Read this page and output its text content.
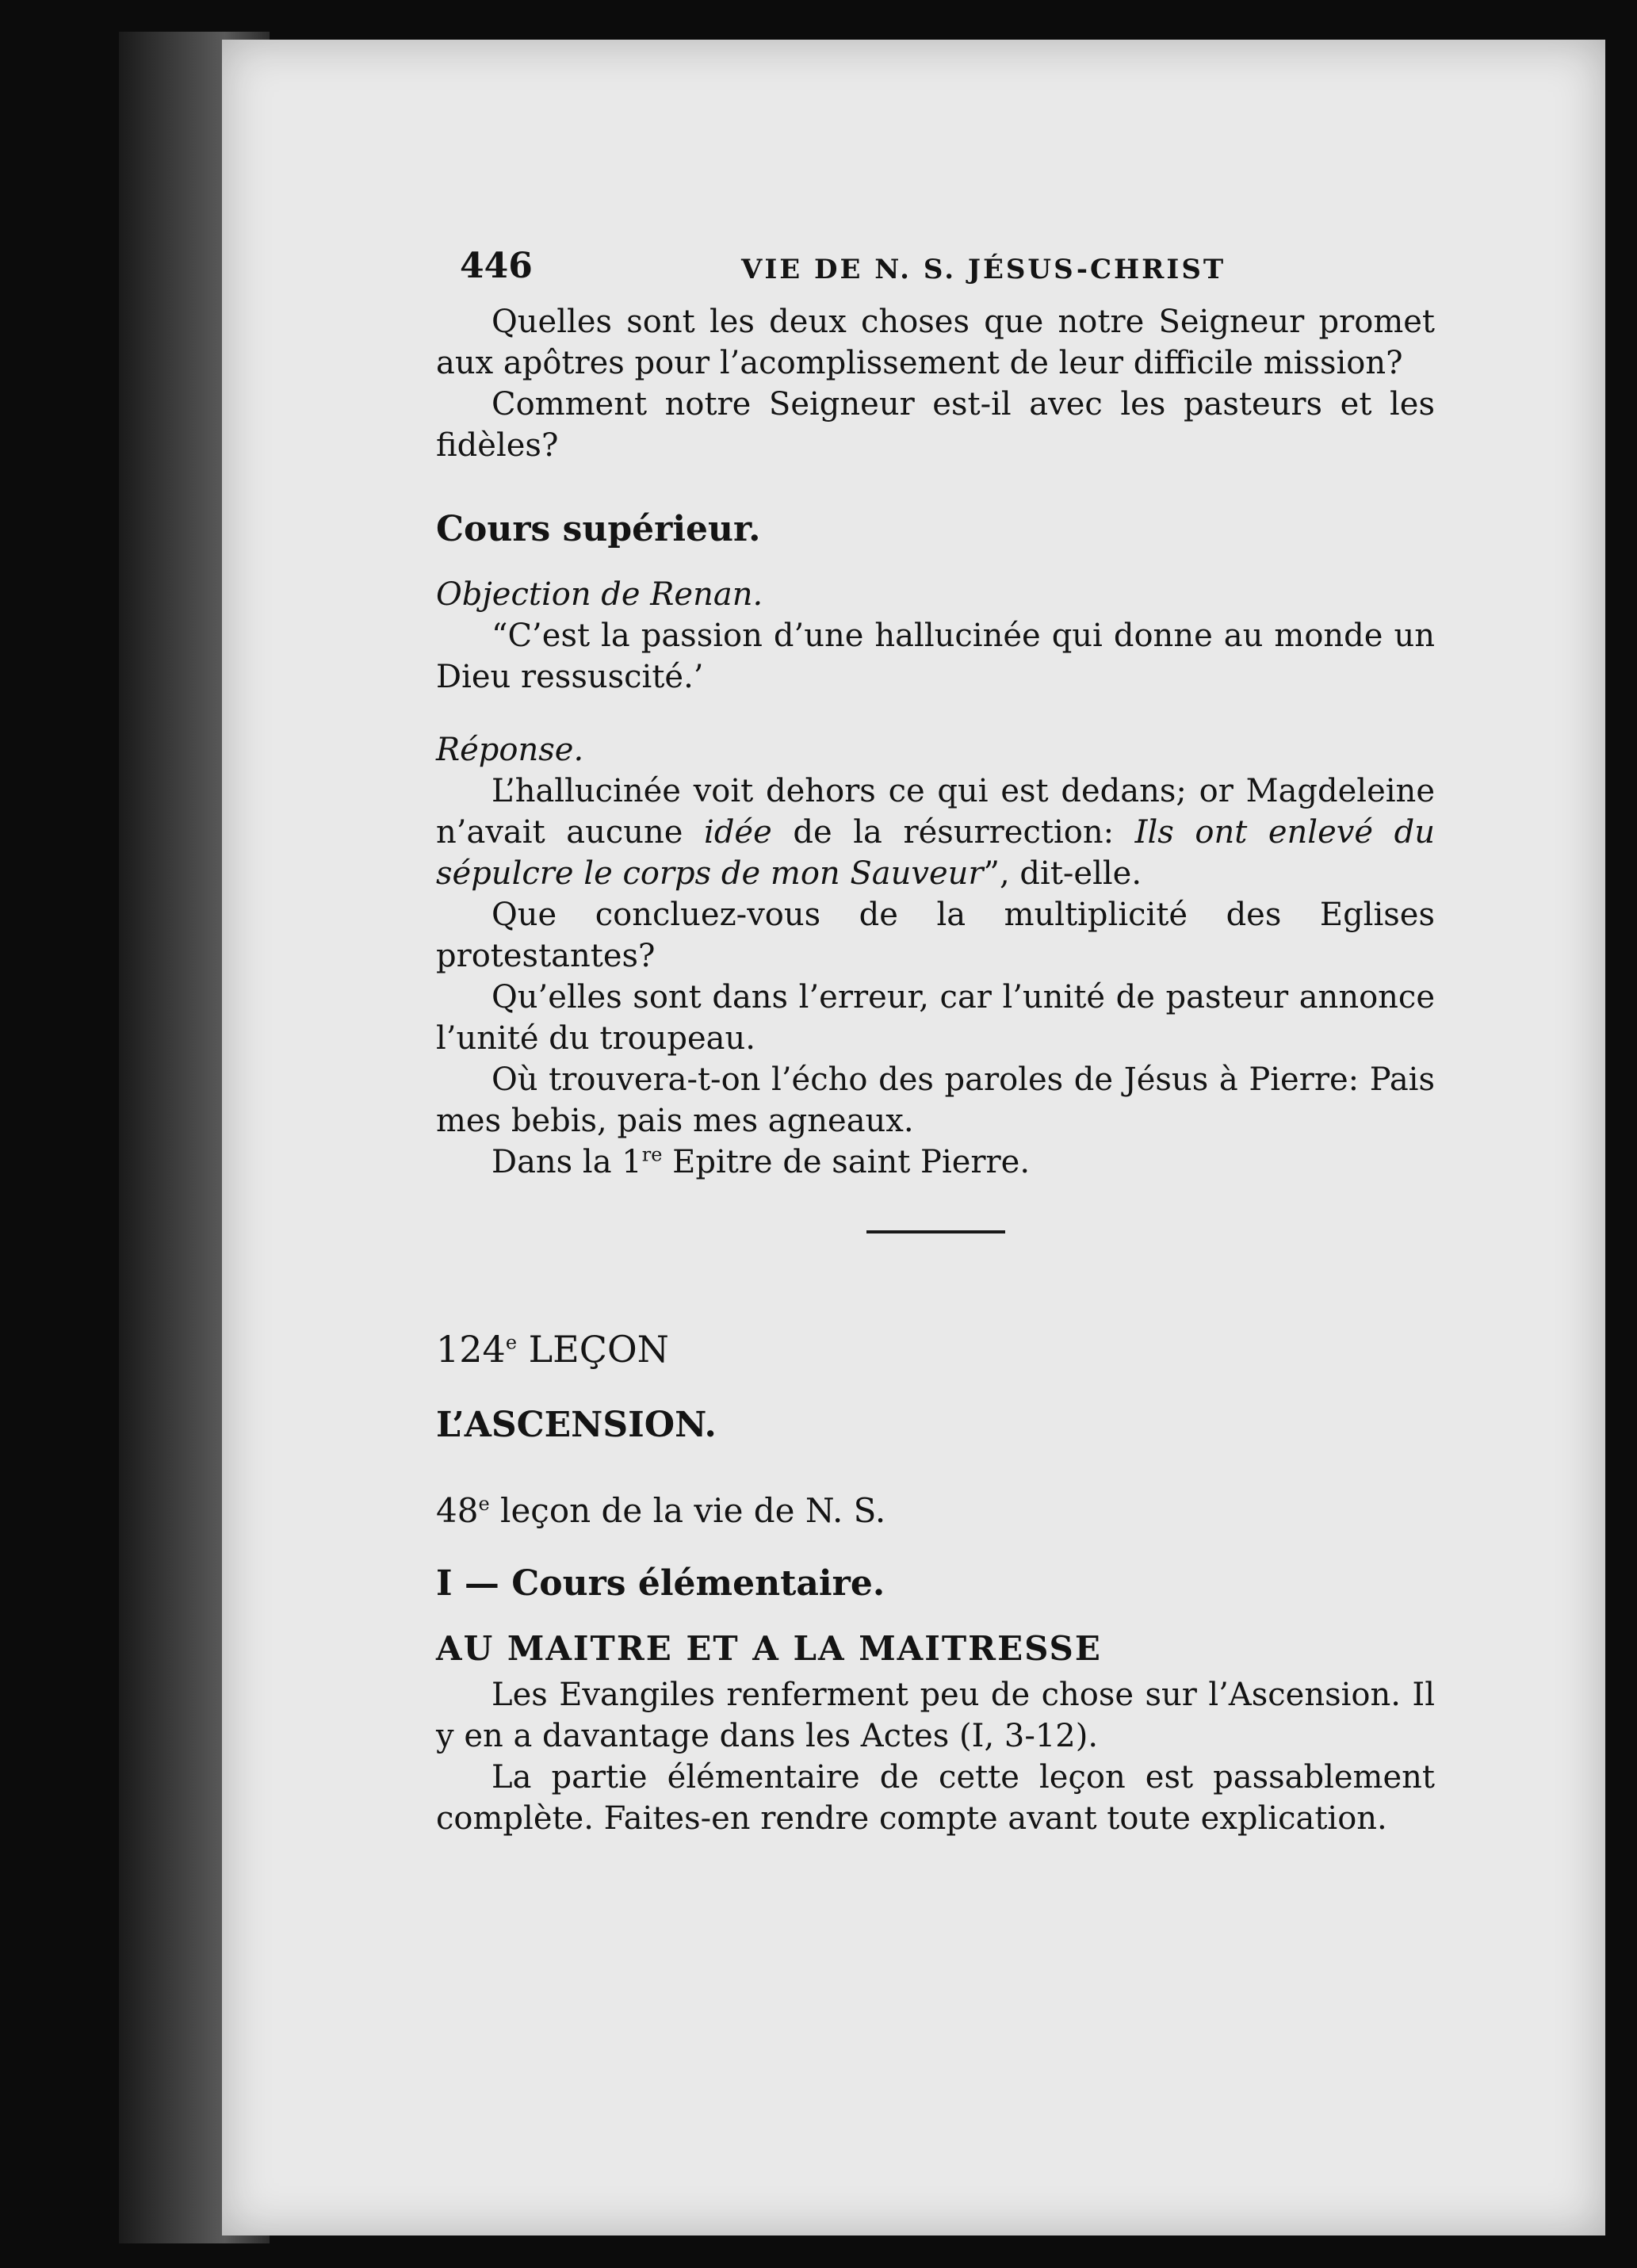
446	VIE DE N. S. JÉSUS-CHRIST

Quelles sont les deux choses que notre Seigneur promet aux apôtres pour l’acomplissement de leur difficile mission?

Comment notre Seigneur est-il avec les pasteurs et les fidèles?

Cours supérieur.

Objection de Renan.

“C’est la passion d’une hallucinée qui donne au monde un Dieu ressuscité.’

Réponse.

L’hallucinée voit dehors ce qui est dedans; or Magdeleine n’avait aucune idée de la résurrection: Ils ont enlevé du sépulcre le corps de mon Sauveur”, dit-elle.

Que concluez-vous de la multiplicité des Eglises protestantes?

Qu’elles sont dans l’erreur, car l’unité de pasteur annonce l’unité du troupeau.

Où trouvera-t-on l’écho des paroles de Jésus à Pierre: Pais mes bebis, pais mes agneaux.

Dans la 1re Epitre de saint Pierre.

124e LEÇON

L’ASCENSION.

48e leçon de la vie de N. S.

I — Cours élémentaire.

AU MAITRE ET A LA MAITRESSE

Les Evangiles renferment peu de chose sur l’Ascension. Il y en a davantage dans les Actes (I, 3-12).

La partie élémentaire de cette leçon est passablement complète. Faites-en rendre compte avant toute explication.
